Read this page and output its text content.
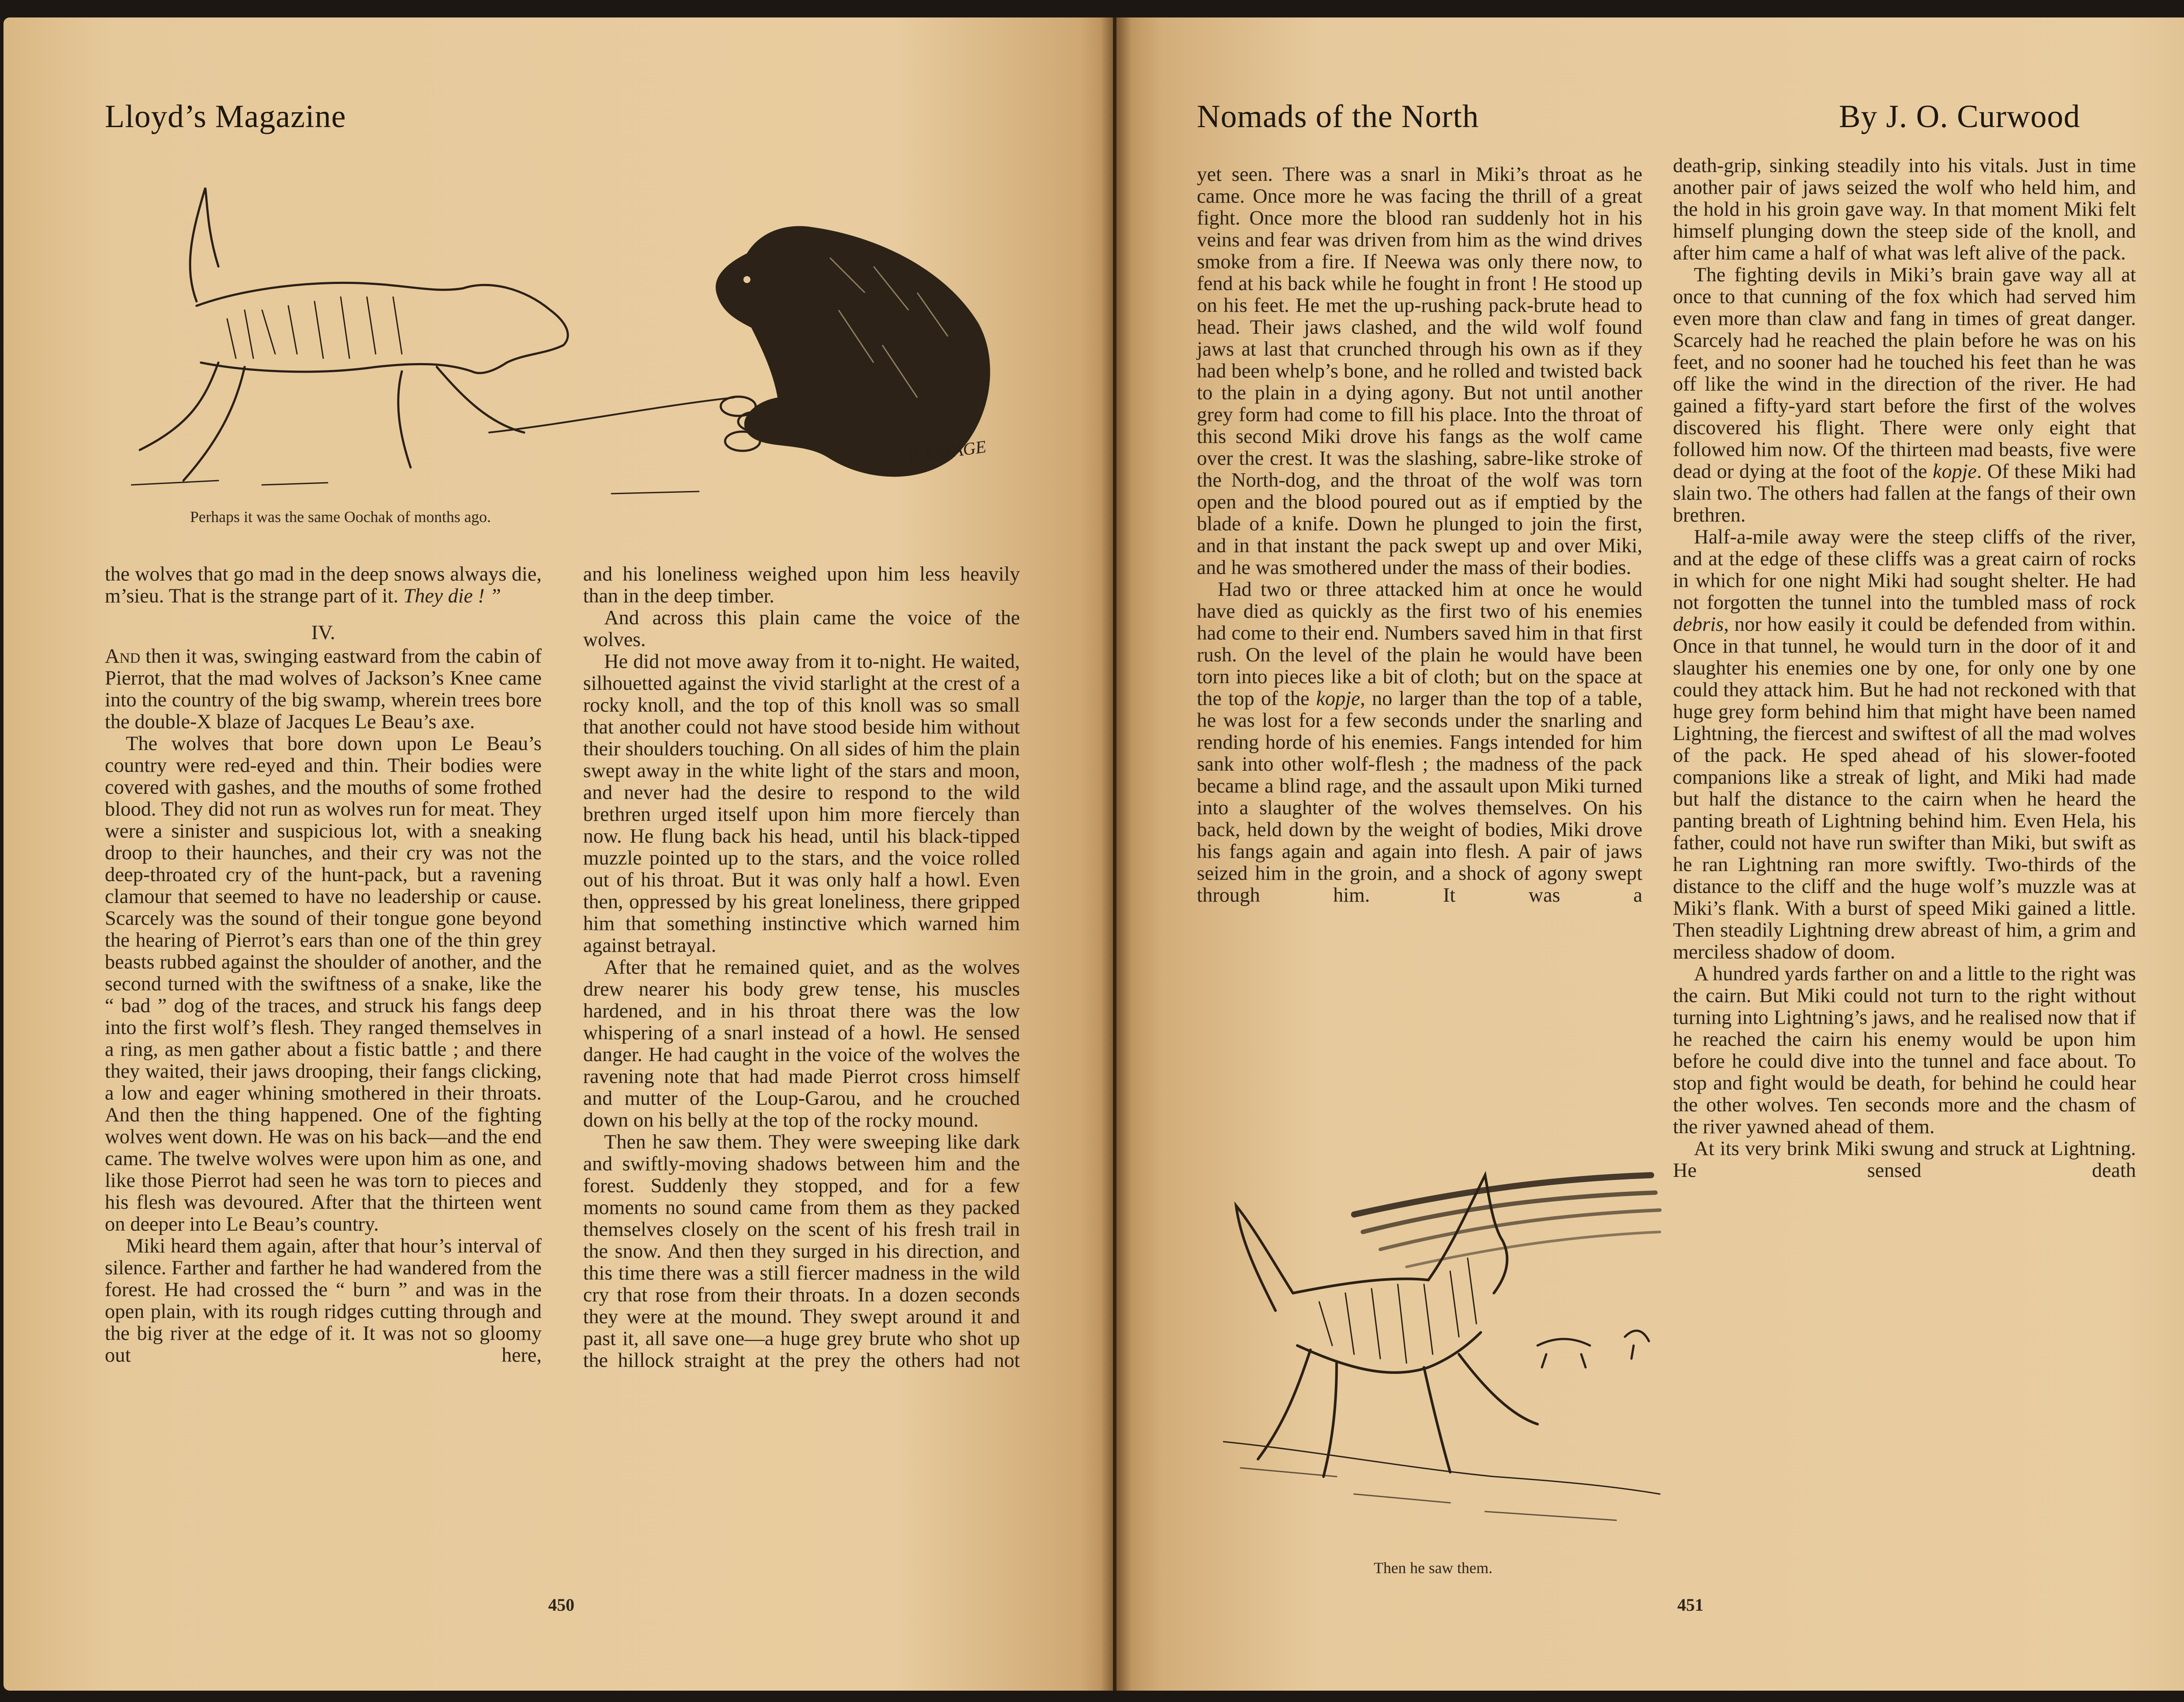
Lloyd’s Magazine
P. SAVAGE
Perhaps it was the same Oochak of months ago.

the wolves that go mad in the deep snows always die, m’sieu. That is the strange part of it. They die ! ”

IV.

And then it was, swinging eastward from the cabin of Pierrot, that the mad wolves of Jackson’s Knee came into the country of the big swamp, wherein trees bore the double-X blaze of Jacques Le Beau’s axe.

The wolves that bore down upon Le Beau’s country were red-eyed and thin. Their bodies were covered with gashes, and the mouths of some frothed blood. They did not run as wolves run for meat. They were a sinister and suspicious lot, with a sneaking droop to their haunches, and their cry was not the deep-throated cry of the hunt-pack, but a ravening clamour that seemed to have no leadership or cause. Scarcely was the sound of their tongue gone beyond the hearing of Pierrot’s ears than one of the thin grey beasts rubbed against the shoulder of another, and the second turned with the swiftness of a snake, like the “ bad ” dog of the traces, and struck his fangs deep into the first wolf’s flesh. They ranged themselves in a ring, as men gather about a fistic battle ; and there they waited, their jaws drooping, their fangs clicking, a low and eager whining smothered in their throats. And then the thing happened. One of the fighting wolves went down. He was on his back—and the end came. The twelve wolves were upon him as one, and like those Pierrot had seen he was torn to pieces and his flesh was devoured. After that the thirteen went on deeper into Le Beau’s country.

Miki heard them again, after that hour’s interval of silence. Farther and farther he had wandered from the forest. He had crossed the “ burn ” and was in the open plain, with its rough ridges cutting through and the big river at the edge of it. It was not so gloomy out here,

and his loneliness weighed upon him less heavily than in the deep timber.

And across this plain came the voice of the wolves.

He did not move away from it to-night. He waited, silhouetted against the vivid starlight at the crest of a rocky knoll, and the top of this knoll was so small that another could not have stood beside him without their shoulders touching. On all sides of him the plain swept away in the white light of the stars and moon, and never had the desire to respond to the wild brethren urged itself upon him more fiercely than now. He flung back his head, until his black-tipped muzzle pointed up to the stars, and the voice rolled out of his throat. But it was only half a howl. Even then, oppressed by his great loneliness, there gripped him that something instinctive which warned him against betrayal.

After that he remained quiet, and as the wolves drew nearer his body grew tense, his muscles hardened, and in his throat there was the low whispering of a snarl instead of a howl. He sensed danger. He had caught in the voice of the wolves the ravening note that had made Pierrot cross himself and mutter of the Loup-Garou, and he crouched down on his belly at the top of the rocky mound.

Then he saw them. They were sweeping like dark and swiftly-moving shadows between him and the forest. Suddenly they stopped, and for a few moments no sound came from them as they packed themselves closely on the scent of his fresh trail in the snow. And then they surged in his direction, and this time there was a still fiercer madness in the wild cry that rose from their throats. In a dozen seconds they were at the mound. They swept around it and past it, all save one—a huge grey brute who shot up the hillock straight at the prey the others had not

450
Nomads of the North	By J. O. Curwood

yet seen. There was a snarl in Miki’s throat as he came. Once more he was facing the thrill of a great fight. Once more the blood ran suddenly hot in his veins and fear was driven from him as the wind drives smoke from a fire. If Neewa was only there now, to fend at his back while he fought in front ! He stood up on his feet. He met the up-rushing pack-brute head to head. Their jaws clashed, and the wild wolf found jaws at last that crunched through his own as if they had been whelp’s bone, and he rolled and twisted back to the plain in a dying agony. But not until another grey form had come to fill his place. Into the throat of this second Miki drove his fangs as the wolf came over the crest. It was the slashing, sabre-like stroke of the North-dog, and the throat of the wolf was torn open and the blood poured out as if emptied by the blade of a knife. Down he plunged to join the first, and in that instant the pack swept up and over Miki, and he was smothered under the mass of their bodies.

Had two or three attacked him at once he would have died as quickly as the first two of his enemies had come to their end. Numbers saved him in that first rush. On the level of the plain he would have been torn into pieces like a bit of cloth; but on the space at the top of the kopje, no larger than the top of a table, he was lost for a few seconds under the snarling and rending horde of his enemies. Fangs intended for him sank into other wolf-flesh ; the madness of the pack became a blind rage, and the assault upon Miki turned into a slaughter of the wolves themselves. On his back, held down by the weight of bodies, Miki drove his fangs again and again into flesh. A pair of jaws seized him in the groin, and a shock of agony swept through him. It was a

Then he saw them.

death-grip, sinking steadily into his vitals. Just in time another pair of jaws seized the wolf who held him, and the hold in his groin gave way. In that moment Miki felt himself plunging down the steep side of the knoll, and after him came a half of what was left alive of the pack.

The fighting devils in Miki’s brain gave way all at once to that cunning of the fox which had served him even more than claw and fang in times of great danger. Scarcely had he reached the plain before he was on his feet, and no sooner had he touched his feet than he was off like the wind in the direction of the river. He had gained a fifty-yard start before the first of the wolves discovered his flight. There were only eight that followed him now. Of the thirteen mad beasts, five were dead or dying at the foot of the kopje. Of these Miki had slain two. The others had fallen at the fangs of their own brethren.

Half-a-mile away were the steep cliffs of the river, and at the edge of these cliffs was a great cairn of rocks in which for one night Miki had sought shelter. He had not forgotten the tunnel into the tumbled mass of rock debris, nor how easily it could be defended from within. Once in that tunnel, he would turn in the door of it and slaughter his enemies one by one, for only one by one could they attack him. But he had not reckoned with that huge grey form behind him that might have been named Lightning, the fiercest and swiftest of all the mad wolves of the pack. He sped ahead of his slower-footed companions like a streak of light, and Miki had made but half the distance to the cairn when he heard the panting breath of Lightning behind him. Even Hela, his father, could not have run swifter than Miki, but swift as he ran Lightning ran more swiftly. Two-thirds of the distance to the cliff and the huge wolf’s muzzle was at Miki’s flank. With a burst of speed Miki gained a little. Then steadily Lightning drew abreast of him, a grim and merciless shadow of doom.

A hundred yards farther on and a little to the right was the cairn. But Miki could not turn to the right without turning into Lightning’s jaws, and he realised now that if he reached the cairn his enemy would be upon him before he could dive into the tunnel and face about. To stop and fight would be death, for behind he could hear the other wolves. Ten seconds more and the chasm of the river yawned ahead of them.

At its very brink Miki swung and struck at Lightning. He sensed death

451
